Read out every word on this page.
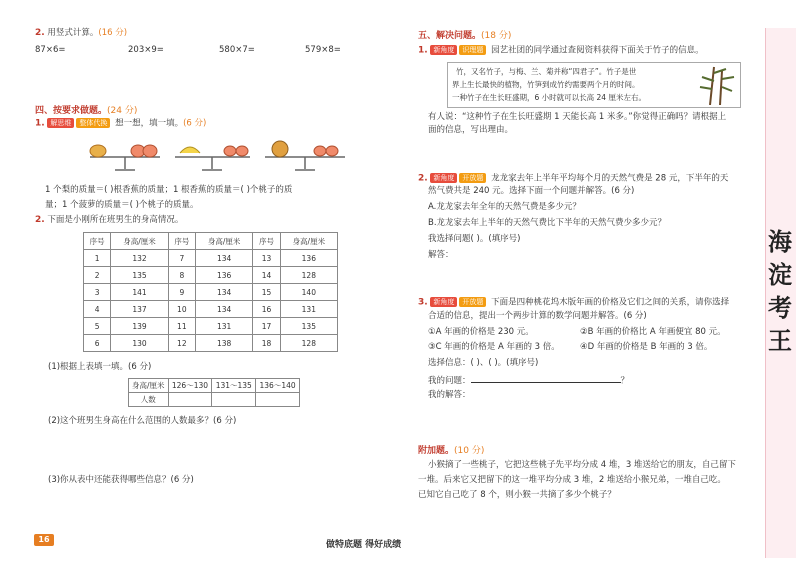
2. 用竖式计算。(16 分)
87×6=	203×9=	580×7=	579×8=
四、按要求做题。(24 分)
1. 解思维 整体代换 想一想，填一填。(6 分)
1 个梨的质量＝( )根香蕉的质量；1 根香蕉的质量＝( )个桃子的质
量；1 个菠萝的质量＝( )个桃子的质量。
2. 下面是小刚所在班男生的身高情况。
序号	身高/厘米	序号	身高/厘米	序号	身高/厘米
1	132	7	134	13	136
2	135	8	136	14	128
3	141	9	134	15	140
4	137	10	134	16	131
5	139	11	131	17	135
6	130	12	138	18	128
(1)根据上表填一填。(6 分)
身高/厘米	126～130	131～135	136～140
人数			
(2)这个班男生身高在什么范围的人数最多？(6 分)
(3)你从表中还能获得哪些信息？(6 分)
16
五、解决问题。(18 分)
1. 新角度 识理题 园艺社团的同学通过查阅资料获得下面关于竹子的信息。
竹，又名竹子，与梅、兰、菊并称“四君子”。竹子是世
界上生长最快的植物，竹笋到成竹约需要两个月的时间。
一种竹子在生长旺盛期，6 小时就可以长高 24 厘米左右。
有人说：“这种竹子在生长旺盛期 1 天能长高 1 米多。”你觉得正确吗？请根据上
面的信息，写出理由。
2. 新角度 开放题 龙龙家去年上半年平均每个月的天然气费是 28 元，下半年的天
然气费共是 240 元。选择下面一个问题并解答。(6 分)
A.龙龙家去年全年的天然气费是多少元？
B.龙龙家去年上半年的天然气费比下半年的天然气费少多少元？
我选择问题( )。(填序号)
解答：
3. 新角度 开放题 下面是四种桃花坞木版年画的价格及它们之间的关系，请你选择
合适的信息，提出一个两步计算的数学问题并解答。(6 分)
①A 年画的价格是 230 元。	②B 年画的价格比 A 年画便宜 80 元。
③C 年画的价格是 A 年画的 3 倍。 ④D 年画的价格是 B 年画的 3 倍。
选择信息：( )、( )。(填序号)
我的问题：	？
我的解答：
附加题。(10 分)
小猴摘了一些桃子，它把这些桃子先平均分成 4 堆，3 堆送给它的朋友，自己留下
一堆。后来它又把留下的这一堆平均分成 3 堆，2 堆送给小猴兄弟，一堆自己吃。
已知它自己吃了 8 个，则小猴一共摘了多少个桃子？
做特底题 得好成绩
海
淀
考
王
